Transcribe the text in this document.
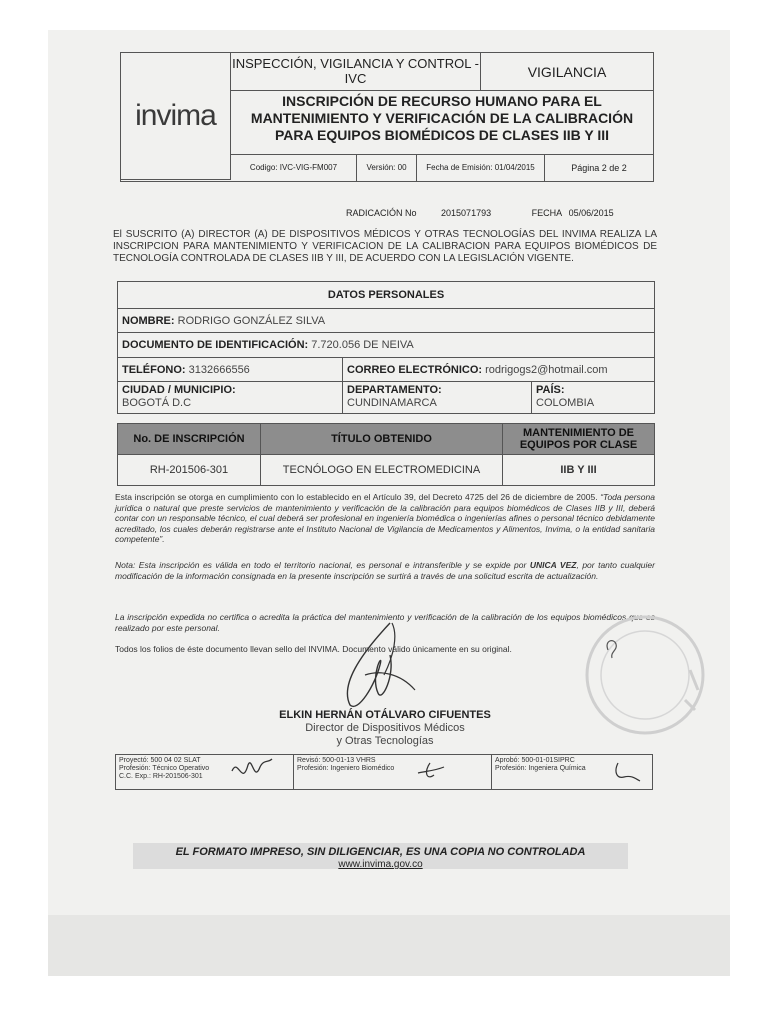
invima
INSPECCIÓN, VIGILANCIA Y CONTROL - IVC	VIGILANCIA
INSCRIPCIÓN DE RECURSO HUMANO PARA EL MANTENIMIENTO Y VERIFICACIÓN DE LA CALIBRACIÓN PARA EQUIPOS BIOMÉDICOS DE CLASES IIB Y III
Codigo: IVC-VIG-FM007	Versión: 00	Fecha de Emisión: 01/04/2015	Página 2 de 2
RADICACIÓN No	2015071793	FECHA 05/06/2015
El SUSCRITO (A) DIRECTOR (A) DE DISPOSITIVOS MÉDICOS Y OTRAS TECNOLOGÍAS DEL INVIMA REALIZA LA INSCRIPCION PARA MANTENIMIENTO Y VERIFICACION DE LA CALIBRACION PARA EQUIPOS BIOMÉDICOS DE TECNOLOGÍA CONTROLADA DE CLASES IIB Y III, DE ACUERDO CON LA LEGISLACIÓN VIGENTE.
DATOS PERSONALES
NOMBRE: RODRIGO GONZÁLEZ SILVA
DOCUMENTO DE IDENTIFICACIÓN: 7.720.056 DE NEIVA
TELÉFONO: 3132666556	CORREO ELECTRÓNICO: rodrigogs2@hotmail.com
CIUDAD / MUNICIPIO:
BOGOTÁ D.C
DEPARTAMENTO:
CUNDINAMARCA
PAÍS:
COLOMBIA
No. DE INSCRIPCIÓN	TÍTULO OBTENIDO	MANTENIMIENTO DE EQUIPOS POR CLASE
RH-201506-301	TECNÓLOGO EN ELECTROMEDICINA	IIB Y III
Esta inscripción se otorga en cumplimiento con lo establecido en el Artículo 39, del Decreto 4725 del 26 de diciembre de 2005. “Toda persona jurídica o natural que preste servicios de mantenimiento y verificación de la calibración para equipos biomédicos de Clases IIB y III, deberá contar con un responsable técnico, el cual deberá ser profesional en ingeniería biomédica o ingenierías afines o personal técnico debidamente acreditado, los cuales deberán registrarse ante el Instituto Nacional de Vigilancia de Medicamentos y Alimentos, Invima, o la entidad sanitaria competente”.
Nota: Esta inscripción es válida en todo el territorio nacional, es personal e intransferible y se expide por UNICA VEZ, por tanto cualquier modificación de la información consignada en la presente inscripción se surtirá a través de una solicitud escrita de actualización.
La inscripción expedida no certifica o acredita la práctica del mantenimiento y verificación de la calibración de los equipos biomédicos que es realizado por este personal.
Todos los folios de éste documento llevan sello del INVIMA. Documento válido únicamente en su original.
ELKIN HERNÁN OTÁLVARO CIFUENTES
Director de Dispositivos Médicos
y Otras Tecnologías
Proyectó: 500 04 02 SLAT
Profesión: Técnico Operativo
C.C. Exp.: RH-201506-301
Revisó: 500-01-13 VHRS
Profesión: Ingeniero Biomédico
Aprobó: 500-01-01SIPRC
Profesión: Ingeniera Química
EL FORMATO IMPRESO, SIN DILIGENCIAR, ES UNA COPIA NO CONTROLADA
www.invima.gov.co
